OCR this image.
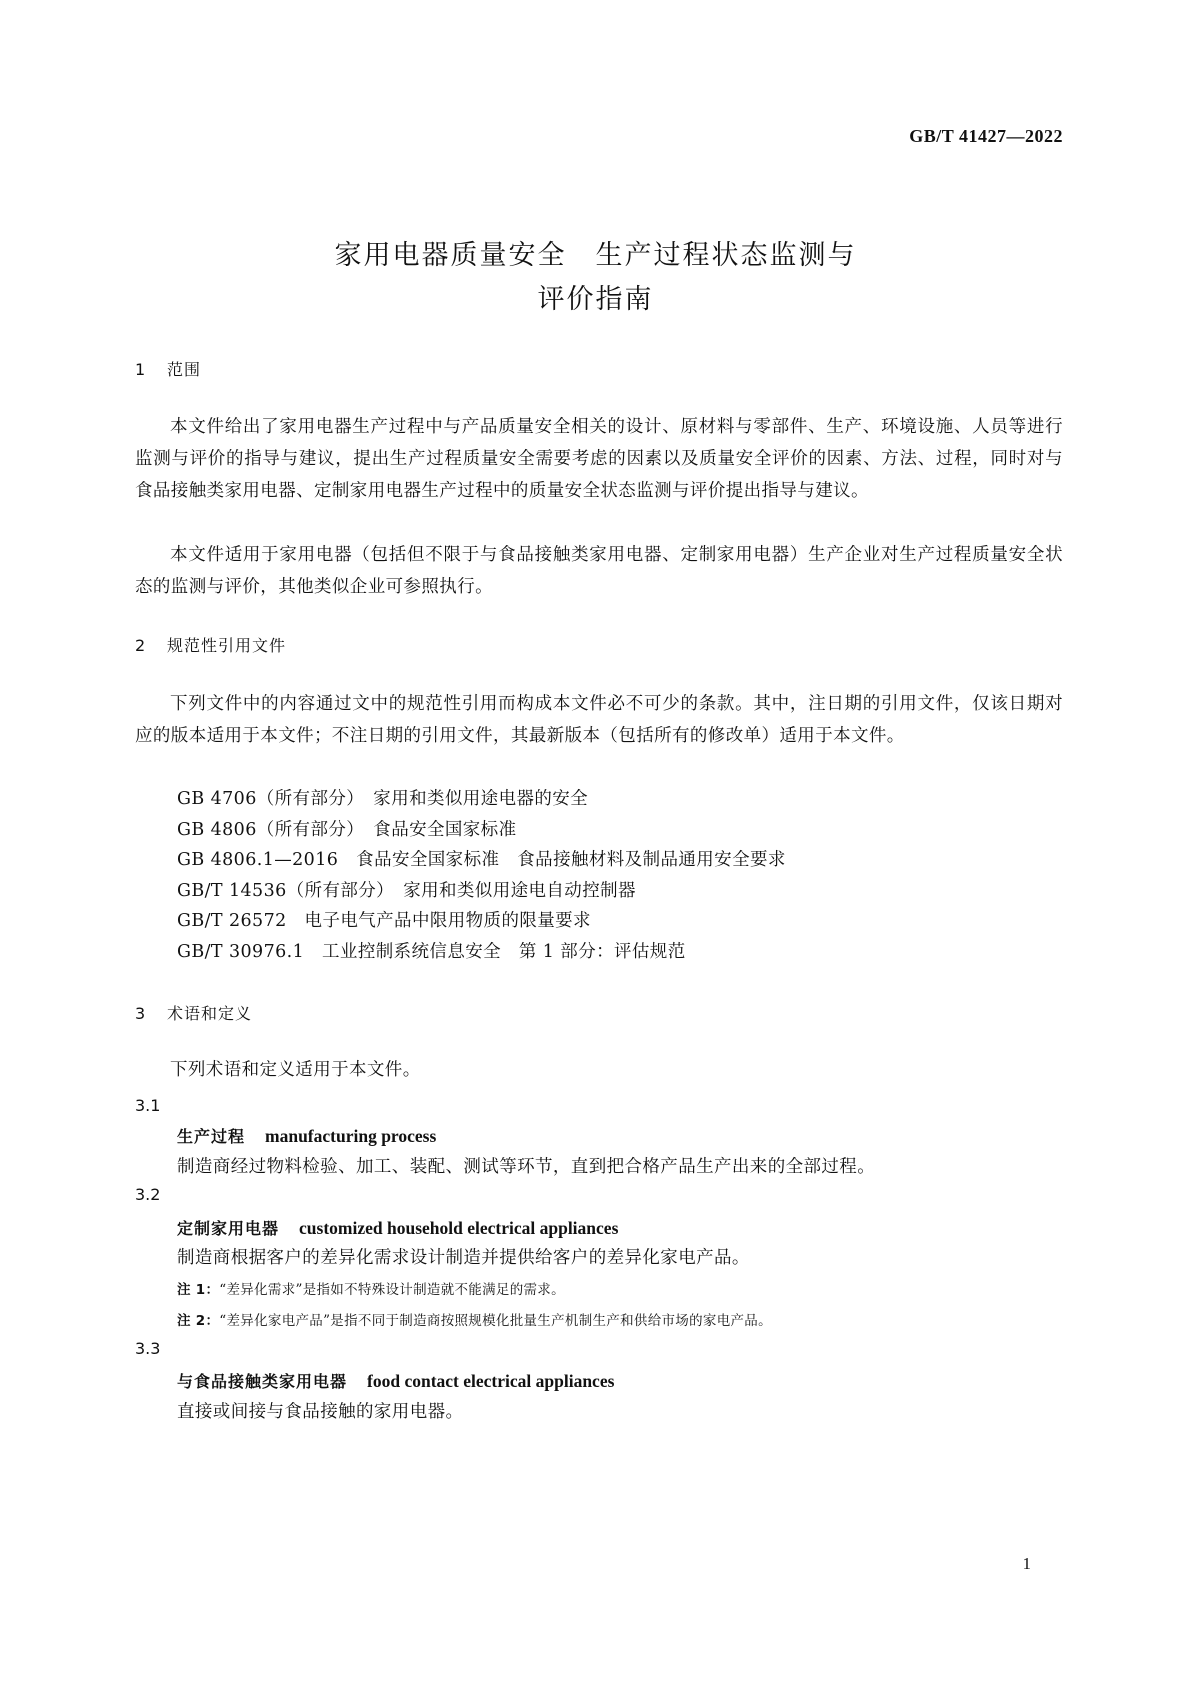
GB/T 41427—2022
家用电器质量安全　生产过程状态监测与
评价指南
1 范围
本文件给出了家用电器生产过程中与产品质量安全相关的设计、原材料与零部件、生产、环境设施、人员等进行监测与评价的指导与建议，提出生产过程质量安全需要考虑的因素以及质量安全评价的因素、方法、过程，同时对与食品接触类家用电器、定制家用电器生产过程中的质量安全状态监测与评价提出指导与建议。
本文件适用于家用电器（包括但不限于与食品接触类家用电器、定制家用电器）生产企业对生产过程质量安全状态的监测与评价，其他类似企业可参照执行。
2 规范性引用文件
下列文件中的内容通过文中的规范性引用而构成本文件必不可少的条款。其中，注日期的引用文件，仅该日期对应的版本适用于本文件；不注日期的引用文件，其最新版本（包括所有的修改单）适用于本文件。
GB 4706（所有部分）　家用和类似用途电器的安全
GB 4806（所有部分）　食品安全国家标准
GB 4806.1—2016　食品安全国家标准　食品接触材料及制品通用安全要求
GB/T 14536（所有部分）　家用和类似用途电自动控制器
GB/T 26572　电子电气产品中限用物质的限量要求
GB/T 30976.1　工业控制系统信息安全　第 1 部分：评估规范
3 术语和定义
下列术语和定义适用于本文件。
3.1
生产过程 manufacturing process
制造商经过物料检验、加工、装配、测试等环节，直到把合格产品生产出来的全部过程。
3.2
定制家用电器 customized household electrical appliances
制造商根据客户的差异化需求设计制造并提供给客户的差异化家电产品。
注 1：“差异化需求”是指如不特殊设计制造就不能满足的需求。
注 2：“差异化家电产品”是指不同于制造商按照规模化批量生产机制生产和供给市场的家电产品。
3.3
与食品接触类家用电器 food contact electrical appliances
直接或间接与食品接触的家用电器。
1
